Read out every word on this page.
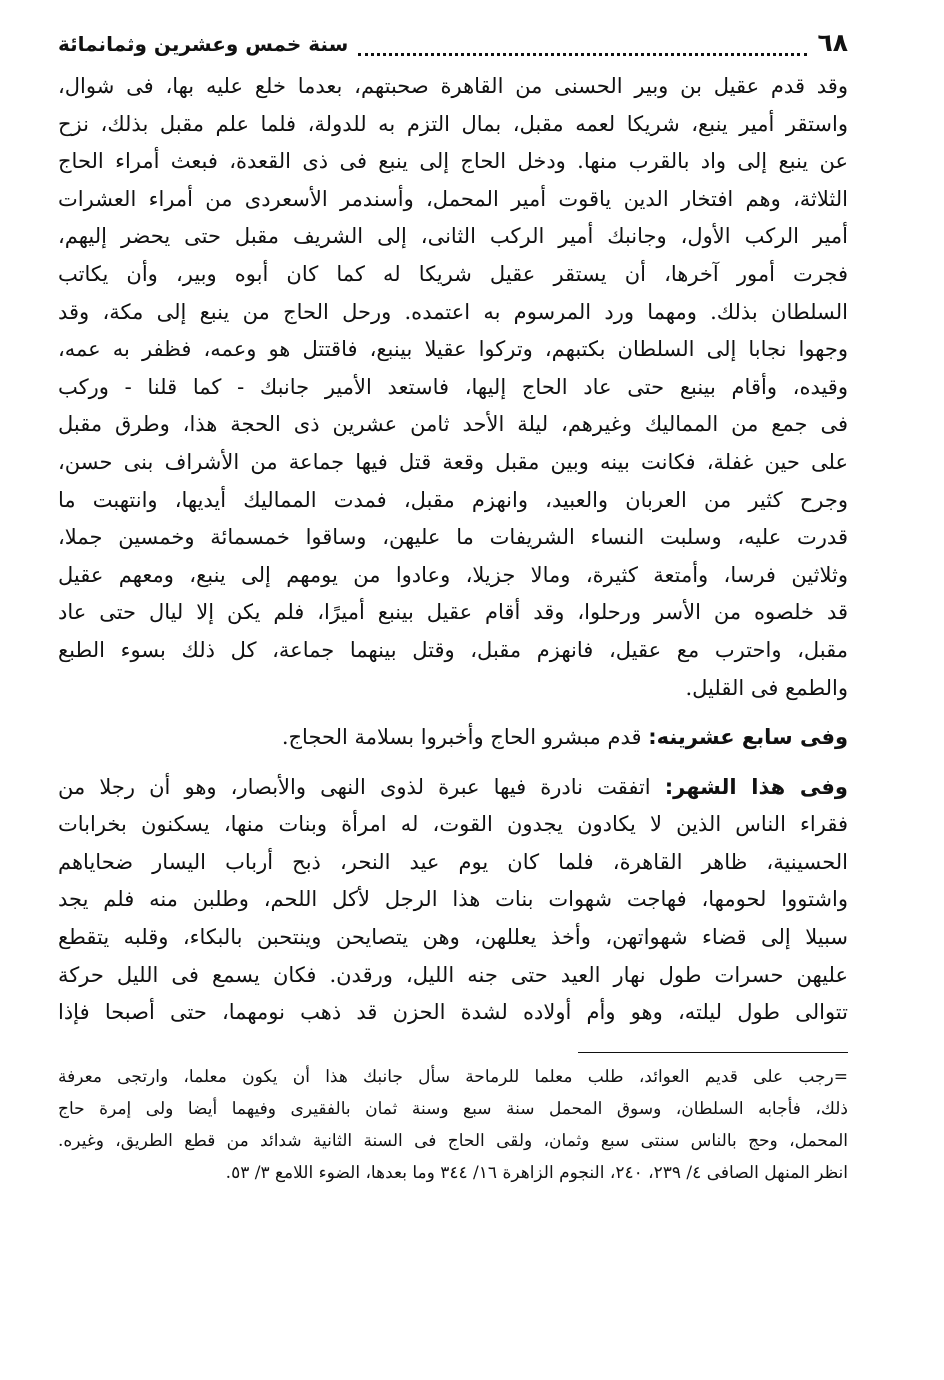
٦٨
سنة خمس وعشرين وثمانمائة
وقد قدم عقيل بن وبير الحسنى من القاهرة صحبتهم، بعدما خلع عليه بها، فى شوال،
واستقر أمير ينبع، شريكا لعمه مقبل، بمال التزم به للدولة، فلما علم مقبل بذلك، نزح
عن ينبع إلى واد بالقرب منها. ودخل الحاج إلى ينبع فى ذى القعدة، فبعث أمراء الحاج
الثلاثة، وهم افتخار الدين ياقوت أمير المحمل، وأسندمر الأسعردى من أمراء العشرات
أمير الركب الأول، وجانبك أمير الركب الثانى، إلى الشريف مقبل حتى يحضر إليهم،
فجرت أمور آخرها، أن يستقر عقيل شريكا له كما كان أبوه وبير، وأن يكاتب
السلطان بذلك. ومهما ورد المرسوم به اعتمده. ورحل الحاج من ينبع إلى مكة، وقد
وجهوا نجابا إلى السلطان بكتبهم، وتركوا عقيلا بينبع، فاقتتل هو وعمه، فظفر به عمه،
وقيده، وأقام بينبع حتى عاد الحاج إليها، فاستعد الأمير جانبك - كما قلنا - وركب
فى جمع من المماليك وغيرهم، ليلة الأحد ثامن عشرين ذى الحجة هذا، وطرق مقبل
على حين غفلة، فكانت بينه وبين مقبل وقعة قتل فيها جماعة من الأشراف بنى حسن،
وجرح كثير من العربان والعبيد، وانهزم مقبل، فمدت المماليك أيديها، وانتهبت ما
قدرت عليه، وسلبت النساء الشريفات ما عليهن، وساقوا خمسمائة وخمسين جملا،
وثلاثين فرسا، وأمتعة كثيرة، ومالا جزيلا، وعادوا من يومهم إلى ينبع، ومعهم عقيل
قد خلصوه من الأسر ورحلوا، وقد أقام عقيل بينبع أميرًا، فلم يكن إلا ليال حتى عاد
مقبل، واحترب مع عقيل، فانهزم مقبل، وقتل بينهما جماعة، كل ذلك بسوء الطبع
والطمع فى القليل.
وفى سابع عشرينه: قدم مبشرو الحاج وأخبروا بسلامة الحجاج.
وفى هذا الشهر: اتفقت نادرة فيها عبرة لذوى النهى والأبصار، وهو أن رجلا من
فقراء الناس الذين لا يكادون يجدون القوت، له امرأة وبنات منها، يسكنون بخرابات
الحسينية، ظاهر القاهرة، فلما كان يوم عيد النحر، ذبح أرباب اليسار ضحاياهم
واشتووا لحومها، فهاجت شهوات بنات هذا الرجل لأكل اللحم، وطلبن منه فلم يجد
سبيلا إلى قضاء شهواتهن، وأخذ يعللهن، وهن يتصايحن وينتحبن بالبكاء، وقلبه يتقطع
عليهن حسرات طول نهار العيد حتى جنه الليل، ورقدن. فكان يسمع فى الليل حركة
تتوالى طول ليلته، وهو وأم أولاده لشدة الحزن قد ذهب نومهما، حتى أصبحا فإذا
=رجب على قديم العوائد، طلب معلما للرماحة سأل جانبك هذا أن يكون معلما، وارتجى معرفة
ذلك، فأجابه السلطان، وسوق المحمل سنة سبع وسنة ثمان بالفقيرى وفيهما أيضا ولى إمرة حاج
المحمل، وحج بالناس سنتى سبع وثمان، ولقى الحاج فى السنة الثانية شدائد من قطع الطريق، وغيره.
انظر المنهل الصافى ٤/ ٢٣٩، ٢٤٠، النجوم الزاهرة ١٦/ ٣٤٤ وما بعدها، الضوء اللامع ٣/ ٥٣.
